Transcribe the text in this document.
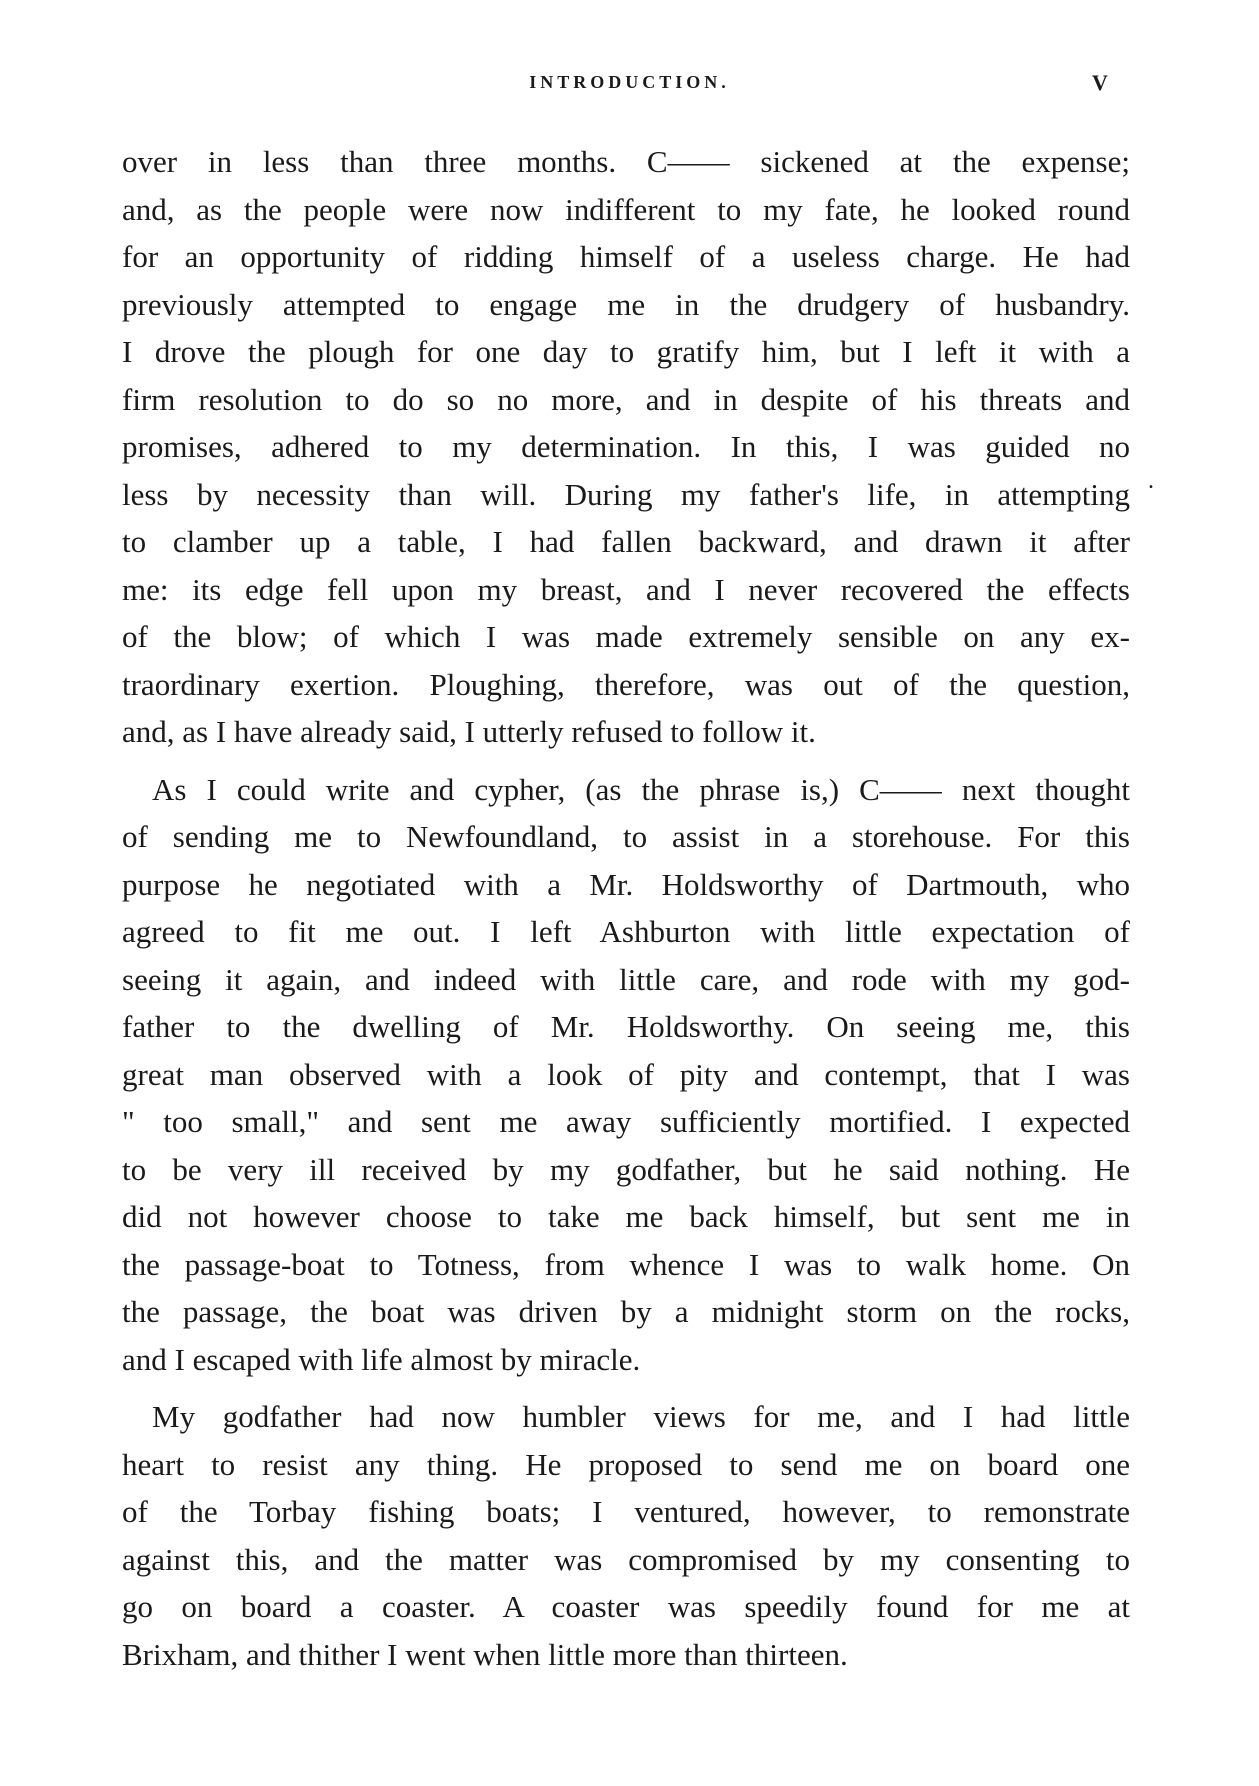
INTRODUCTION.	V
.
over in less than three months. C—— sickened at the expense;
and, as the people were now indifferent to my fate, he looked round
for an opportunity of ridding himself of a useless charge. He had
previously attempted to engage me in the drudgery of husbandry.
I drove the plough for one day to gratify him, but I left it with a
firm resolution to do so no more, and in despite of his threats and
promises, adhered to my determination. In this, I was guided no
less by necessity than will. During my father's life, in attempting
to clamber up a table, I had fallen backward, and drawn it after
me: its edge fell upon my breast, and I never recovered the effects
of the blow; of which I was made extremely sensible on any ex-
traordinary exertion. Ploughing, therefore, was out of the question,
and, as I have already said, I utterly refused to follow it.
As I could write and cypher, (as the phrase is,) C—— next thought
of sending me to Newfoundland, to assist in a storehouse. For this
purpose he negotiated with a Mr. Holdsworthy of Dartmouth, who
agreed to fit me out. I left Ashburton with little expectation of
seeing it again, and indeed with little care, and rode with my god-
father to the dwelling of Mr. Holdsworthy. On seeing me, this
great man observed with a look of pity and contempt, that I was
" too small," and sent me away sufficiently mortified. I expected
to be very ill received by my godfather, but he said nothing. He
did not however choose to take me back himself, but sent me in
the passage-boat to Totness, from whence I was to walk home. On
the passage, the boat was driven by a midnight storm on the rocks,
and I escaped with life almost by miracle.
My godfather had now humbler views for me, and I had little
heart to resist any thing. He proposed to send me on board one
of the Torbay fishing boats; I ventured, however, to remonstrate
against this, and the matter was compromised by my consenting to
go on board a coaster. A coaster was speedily found for me at
Brixham, and thither I went when little more than thirteen.
